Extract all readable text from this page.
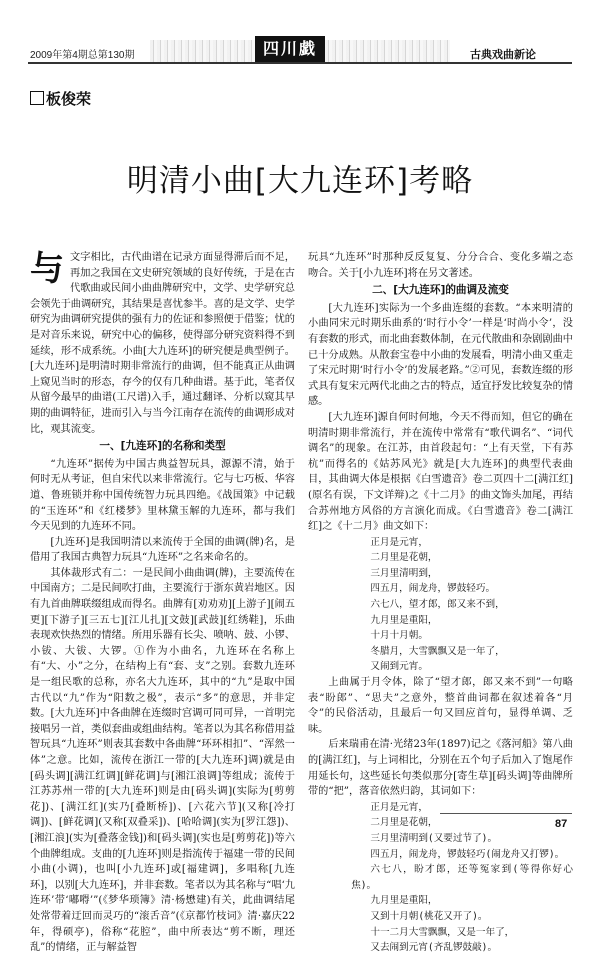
2009年第4期总第130期	四川戯劇
古典戏曲新论
板俊荣
明清小曲[大九连环]考略

与文字相比，古代曲谱在记录方面显得滞后而不足，再加之我国在文史研究领域的良好传统，于是在古代歌曲或民间小曲曲牌研究中，文学、史学研究总会领先于曲调研究，其结果是喜忧参半。喜的是文学、史学研究为曲调研究提供的强有力的佐证和参照便于借鉴；忧的是对音乐来说，研究中心的偏移，使得部分研究资料得不到延续，形不成系统。小曲[大九连环]的研究便是典型例子。[大九连环]是明清时期非常流行的曲调，但不能真正从曲调上窥见当时的形态，存今的仅有几种曲谱。基于此，笔者仅从留今最早的曲谱(工尺谱)入手，通过翻译、分析以窥其早期的曲调特征，进而引入与当今江南存在流传的曲调形成对比，观其流变。

一、[九连环]的名称和类型

“九连环”据传为中国古典益智玩具，源源不清，始于何时无从考证，但自宋代以来非常流行。它与七巧板、华容道、鲁班锁并称中国传统智力玩具四绝。《战国策》中记载的“玉连环”和《红楼梦》里林黛玉解的九连环，都与我们今天见到的九连环不同。

[九连环]是我国明清以来流传于全国的曲调(牌)名，是借用了我国古典智力玩具“九连环”之名来命名的。

其体裁形式有二：一是民间小曲曲调(牌)，主要流传在中国南方；二是民间吹打曲，主要流行于浙东黄岩地区。因有九首曲牌联缀组成而得名。曲牌有[劝劝劝][上游子][闹五更][下游子][三五七][江儿扎][文鼓][武鼓][红绣鞋]，乐曲表现欢快热烈的情绪。所用乐器有长尖、喷呐、鼓、小锣、小钹、大钹、大锣。①作为小曲名，九连环在名称上有“大、小”之分，在结构上有“套、支”之别。套数九连环是一组民歌的总称，亦名大九连环，其中的“九”是取中国古代以“九”作为“阳数之极”，表示“多”的意思，并非定数。[大九连环]中各曲牌在连缀时宫调可同可异，一首明完接唱另一首，类似套曲或组曲结构。笔者以为其名称借用益智玩具“九连环”则表其套数中各曲牌“环环相扣”、“浑然一体”之意。比如，流传在浙江一带的[大九连环]调)就是由[码头调][满江红调][鲜花调]与[湘江浪调]等组成；流传于江苏苏州一带的[大九连环]则是由[码头调](实际为[剪剪花])、[满江红](实乃[叠断桥])、[六花六节](又称[冷打调])、[鲜花调](又称[双叠采])、[哈哈调](实为[罗江怨])、[湘江浪](实为[叠落金钱])和[码头调](实也是[剪剪花])等六个曲牌组成。支曲的[九连环]则是指流传于福建一带的民间小曲(小调)，也叫[小九连环]或[福建调]，多唱称[九连环]，以别[大九连环]，并非套数。笔者以为其名称与“唱‘九连环’带‘嘟嘚’”(《梦华琐簿》清·杨懋建)有关，此曲调结尾处常带着迂回而灵巧的“滚舌音”(《京都竹枝词》清·嘉庆22年，得硕亭)，俗称“花腔”，曲中所表达“剪不断，理还乱”的情绪，正与解益智

玩具“九连环”时那种反反复复、分分合合、变化多端之态吻合。关于[小九连环]将在另文著述。

二、[大九连环]的曲调及流变

[大九连环]实际为一个多曲连缀的套数。“本来明清的小曲同宋元时期乐曲系的‘时行小令’一样是‘时尚小令’，没有套数的形式，而北曲套数体制，在元代散曲和杂剧剧曲中已十分成熟。从散套宝卷中小曲的发展看，明清小曲又重走了宋元时期‘时行小令’的发展老路。”②可见，套数连缀的形式具有复宋元两代北曲之古的特点，适宜抒发比较复杂的情感。

[大九连环]源自何时何地，今天不得而知，但它的确在明清时期非常流行，并在流传中常常有“歌代调名”、“词代调名”的现象。在江苏，由首段起句：“上有天堂，下有苏杭”而得名的《姑苏风光》就是[大九连环]的典型代表曲目，其曲调大体是根据《白雪遗音》卷二页四十二[满江红](原名有误，下文详辩)之《十二月》的曲文饰头加尾，再结合苏州地方风俗的方言演化而成。《白雪遗音》卷二[满江红]之《十二月》曲文如下：

正月是元宵，

二月里是花朝，

三月里清明到，

四五月，闹龙舟，锣鼓轻巧。

六七八，望才郎，郎又来不到，

九月里是重阳，

十月十月朝。

冬腊月，大雪飘飘又是一年了，

又闹到元宵。

上曲属于月令体，除了“望才郎，郎又来不到”一句略表“盼郎”、“思夫”之意外，整首曲词都在叙述着各“月令”的民俗活动，且最后一句又回应首句，显得单调、乏味。

后来瑞甫在清·光绪23年(1897)记之《落河船》第八曲的[满江红]，与上词相比，分别在五个句子后加入了饱尾作用延长句，这些延长句类似那分[寄生草][码头调]等曲牌所带的“把”，落音依然归韵，其词如下：

正月是元宵，

二月里是花朝，

三月里清明到(又要过节了)。

四五月，闹龙舟，锣鼓轻巧(闹龙舟又打锣)。

六七八，盼才郎，还等冤家到(等得你好心焦)。

九月里是重阳，

又到十月朝(桃花又开了)。

十一二月大雪飘飘，又是一年了，

又去闹到元宵(齐乱锣鼓敲)。

87
